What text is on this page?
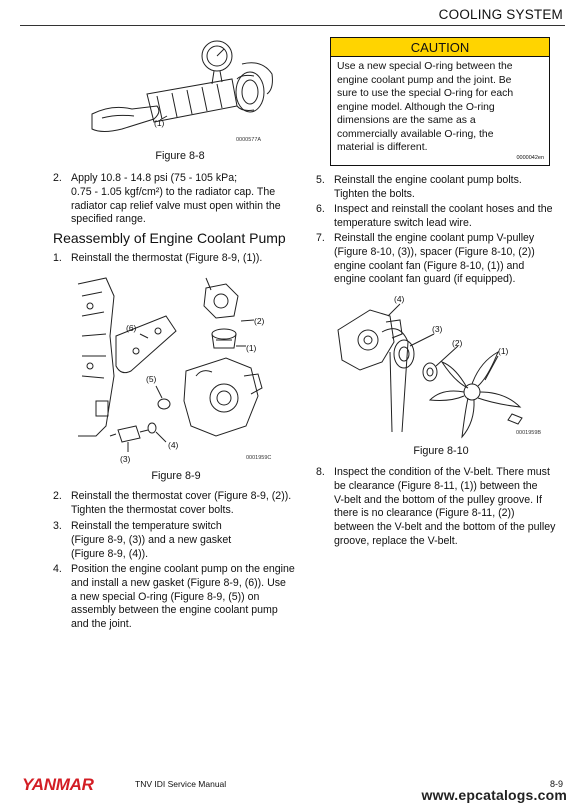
COOLING SYSTEM
(1)
0000577A
Figure 8-8
2. Apply 10.8 - 14.8 psi (75 - 105 kPa;
0.75 - 1.05 kgf/cm²) to the radiator cap. The
radiator cap relief valve must open within the
specified range.
Reassembly of Engine Coolant Pump
1. Reinstall the thermostat (Figure 8-9, (1)).
(6)
(2)
(1)
(5)
(4)
(3)	0001959C
Figure 8-9
2. Reinstall the thermostat cover (Figure 8-9, (2)).
Tighten the thermostat cover bolts.
3. Reinstall the temperature switch
(Figure 8-9, (3)) and a new gasket
(Figure 8-9, (4)).
4. Position the engine coolant pump on the engine
and install a new gasket (Figure 8-9, (6)). Use
a new special O-ring (Figure 8-9, (5)) on
assembly between the engine coolant pump
and the joint.
CAUTION
Use a new special O-ring between the
engine coolant pump and the joint. Be
sure to use the special O-ring for each
engine model. Although the O-ring
dimensions are the same as a
commercially available O-ring, the
material is different.
0000042en
5. Reinstall the engine coolant pump bolts.
Tighten the bolts.
6. Inspect and reinstall the coolant hoses and the
temperature switch lead wire.
7. Reinstall the engine coolant pump V-pulley
(Figure 8-10, (3)), spacer (Figure 8-10, (2))
engine coolant fan (Figure 8-10, (1)) and
engine coolant fan guard (if equipped).
(4)
(3)
(2)
(1)
0001959B
Figure 8-10
8. Inspect the condition of the V-belt. There must
be clearance (Figure 8-11, (1)) between the
V-belt and the bottom of the pulley groove. If
there is no clearance (Figure 8-11, (2))
between the V-belt and the bottom of the pulley
groove, replace the V-belt.
YANMAR	TNV IDI Service Manual	8-9
www.epcatalogs.com
